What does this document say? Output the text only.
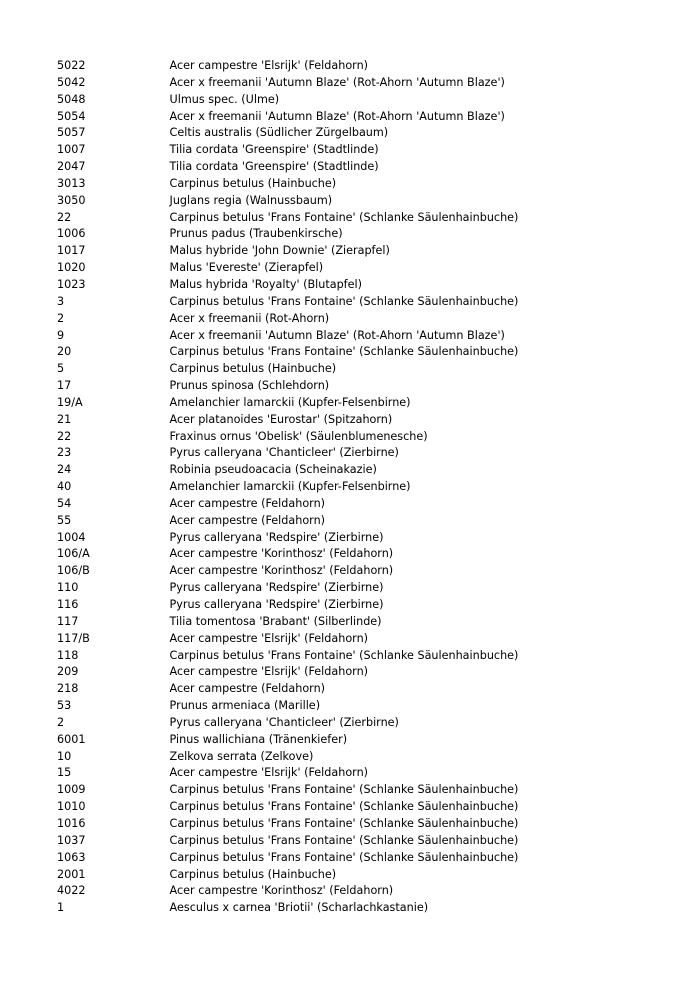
5022	Acer campestre 'Elsrijk' (Feldahorn)
5042	Acer x freemanii 'Autumn Blaze' (Rot-Ahorn 'Autumn Blaze')
5048	Ulmus spec. (Ulme)
5054	Acer x freemanii 'Autumn Blaze' (Rot-Ahorn 'Autumn Blaze')
5057	Celtis australis (Südlicher Zürgelbaum)
1007	Tilia cordata 'Greenspire' (Stadtlinde)
2047	Tilia cordata 'Greenspire' (Stadtlinde)
3013	Carpinus betulus (Hainbuche)
3050	Juglans regia (Walnussbaum)
22	Carpinus betulus 'Frans Fontaine' (Schlanke Säulenhainbuche)
1006	Prunus padus (Traubenkirsche)
1017	Malus hybride 'John Downie' (Zierapfel)
1020	Malus 'Evereste' (Zierapfel)
1023	Malus hybrida 'Royalty' (Blutapfel)
3	Carpinus betulus 'Frans Fontaine' (Schlanke Säulenhainbuche)
2	Acer x freemanii (Rot-Ahorn)
9	Acer x freemanii 'Autumn Blaze' (Rot-Ahorn 'Autumn Blaze')
20	Carpinus betulus 'Frans Fontaine' (Schlanke Säulenhainbuche)
5	Carpinus betulus (Hainbuche)
17	Prunus spinosa (Schlehdorn)
19/A	Amelanchier lamarckii (Kupfer-Felsenbirne)
21	Acer platanoides 'Eurostar' (Spitzahorn)
22	Fraxinus ornus 'Obelisk' (Säulenblumenesche)
23	Pyrus calleryana 'Chanticleer' (Zierbirne)
24	Robinia pseudoacacia (Scheinakazie)
40	Amelanchier lamarckii (Kupfer-Felsenbirne)
54	Acer campestre (Feldahorn)
55	Acer campestre (Feldahorn)
1004	Pyrus calleryana 'Redspire' (Zierbirne)
106/A	Acer campestre 'Korinthosz' (Feldahorn)
106/B	Acer campestre 'Korinthosz' (Feldahorn)
110	Pyrus calleryana 'Redspire' (Zierbirne)
116	Pyrus calleryana 'Redspire' (Zierbirne)
117	Tilia tomentosa 'Brabant' (Silberlinde)
117/B	Acer campestre 'Elsrijk' (Feldahorn)
118	Carpinus betulus 'Frans Fontaine' (Schlanke Säulenhainbuche)
209	Acer campestre 'Elsrijk' (Feldahorn)
218	Acer campestre (Feldahorn)
53	Prunus armeniaca (Marille)
2	Pyrus calleryana 'Chanticleer' (Zierbirne)
6001	Pinus wallichiana (Tränenkiefer)
10	Zelkova serrata (Zelkove)
15	Acer campestre 'Elsrijk' (Feldahorn)
1009	Carpinus betulus 'Frans Fontaine' (Schlanke Säulenhainbuche)
1010	Carpinus betulus 'Frans Fontaine' (Schlanke Säulenhainbuche)
1016	Carpinus betulus 'Frans Fontaine' (Schlanke Säulenhainbuche)
1037	Carpinus betulus 'Frans Fontaine' (Schlanke Säulenhainbuche)
1063	Carpinus betulus 'Frans Fontaine' (Schlanke Säulenhainbuche)
2001	Carpinus betulus (Hainbuche)
4022	Acer campestre 'Korinthosz' (Feldahorn)
1	Aesculus x carnea 'Briotii' (Scharlachkastanie)
